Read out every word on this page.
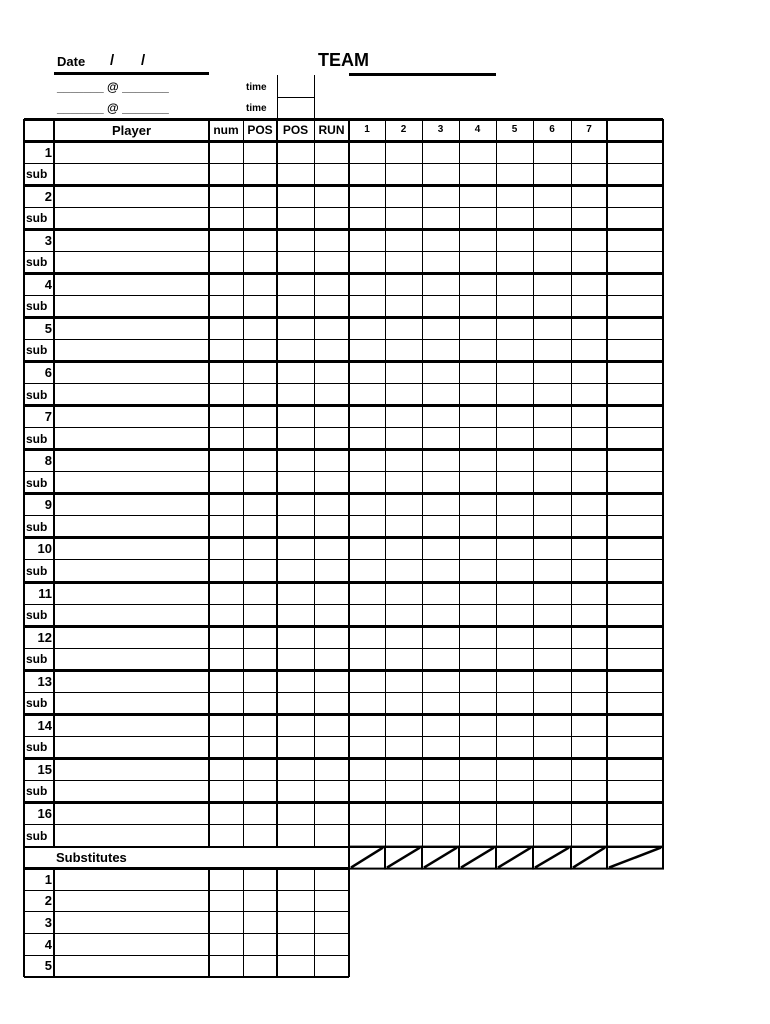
Date / /
_______ @ _______
_______ @ _______
time
time
TEAM
Player	num POS POS RUN	1	2	3	4	5	6	7
1
sub
2
sub
3
sub
4
sub
5
sub
6
sub
7
sub
8
sub
9
sub
10
sub
11
sub
12
sub
13
sub
14
sub
15
sub
16
sub
Substitutes
1
2
3
4
5
